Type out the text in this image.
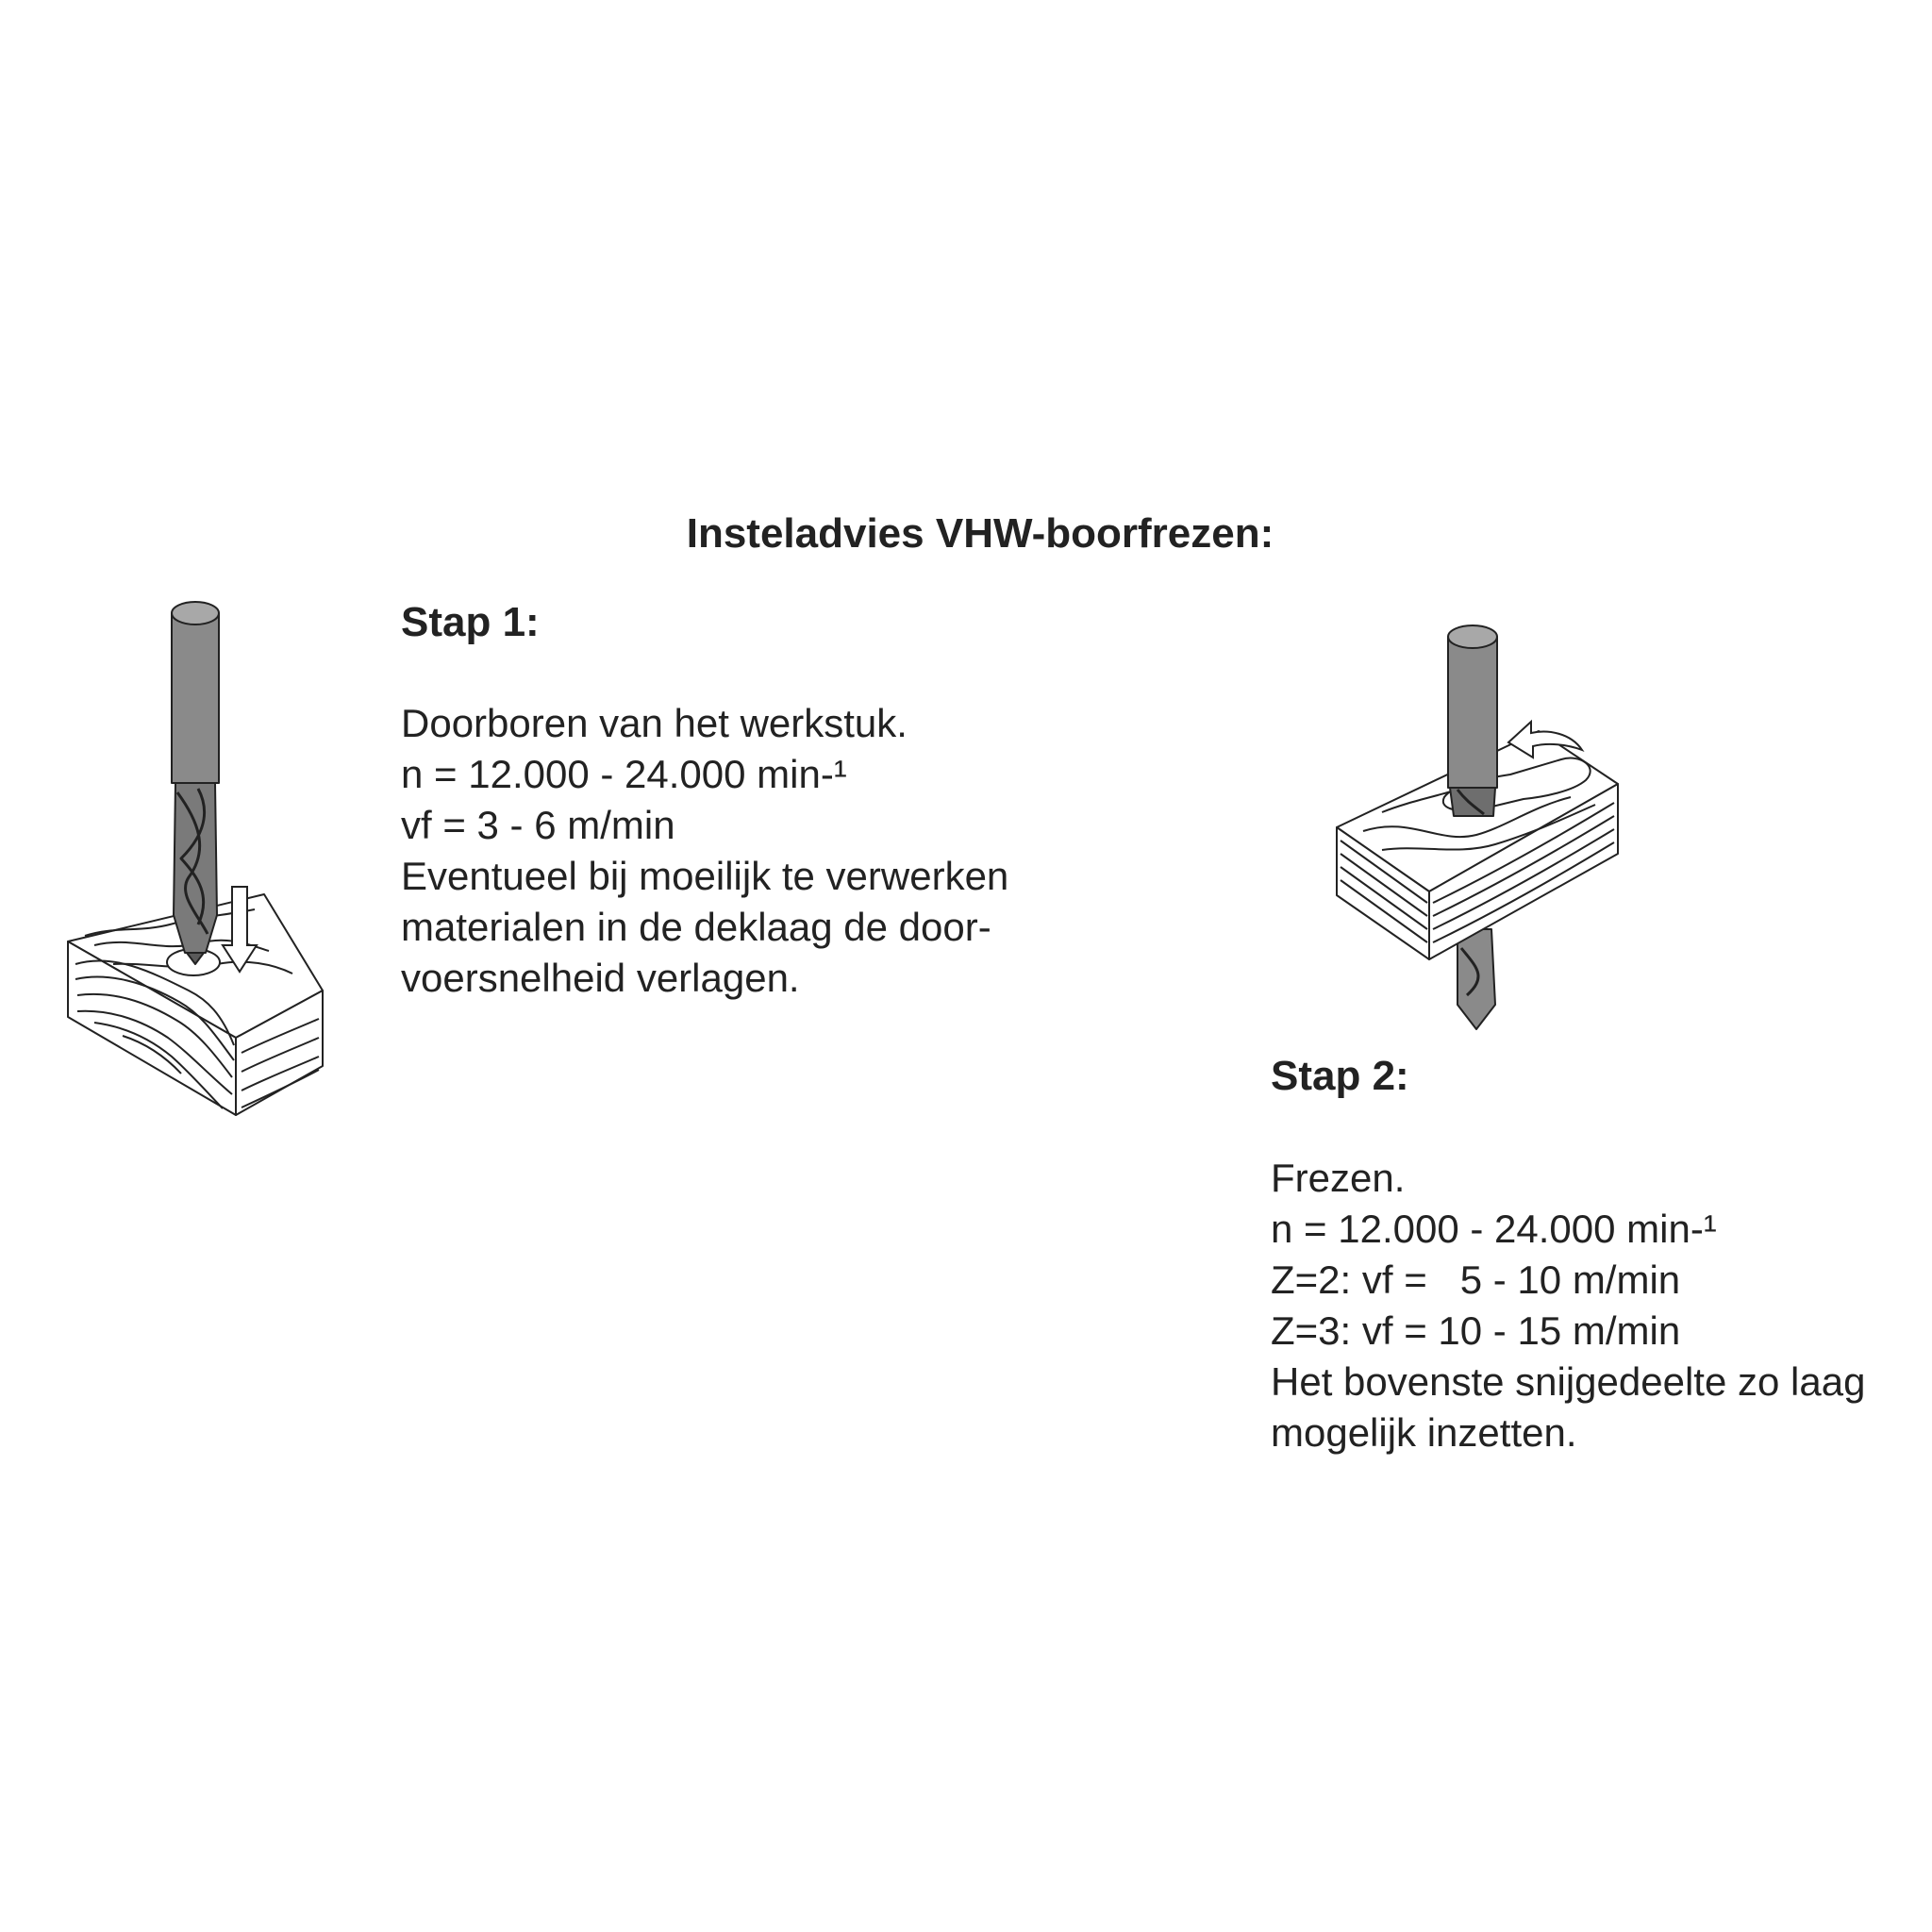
Insteladvies VHW-boorfrezen:
Stap 1:
Doorboren van het werkstuk.
n = 12.000 - 24.000 min-¹
vf = 3 - 6 m/min
Eventueel bij moeilijk te verwerken
materialen in de deklaag de door-
voersnelheid verlagen.
Stap 2:
Frezen.
n = 12.000 - 24.000 min-¹
Z=2: vf =   5 - 10 m/min
Z=3: vf = 10 - 15 m/min
Het bovenste snijgedeelte zo laag
mogelijk inzetten.
